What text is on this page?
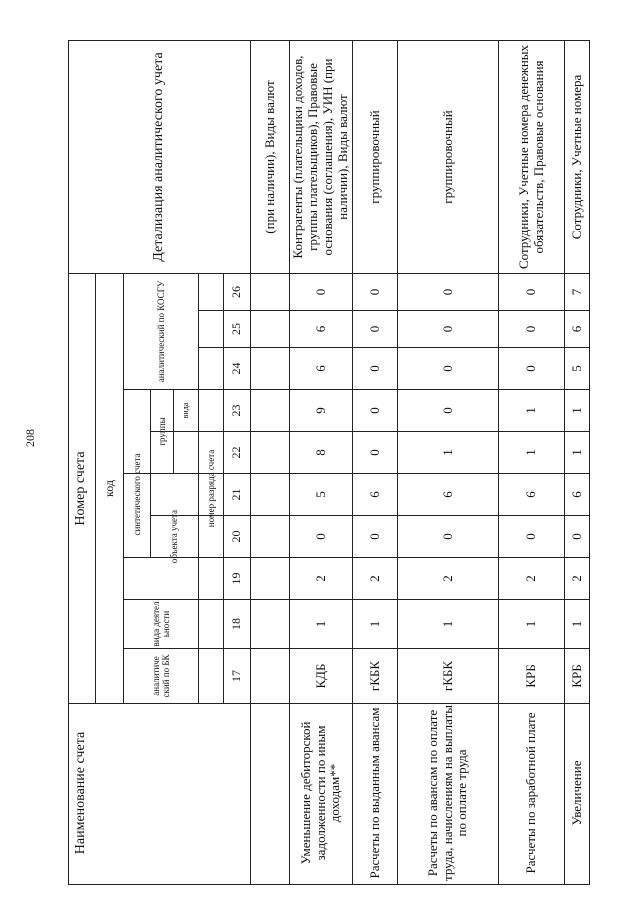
208
Наименование счета
Номер счета	код
аналитиче ский по БК
вида деятел ьности
синтетического счета
объекта учета
группы
вида
аналитический по КОСГУ
номер разряда счета
Детализация аналитического учета
17
18
19
20
21
22
23
24
25
26
(при наличии), Виды валют
Уменьшение дебиторской задолженности по иным доходам**
КДБ
1
2
0
5
8
9
6
6
0
Контрагенты (плательщики доходов, группы плательщиков), Правовые основания (соглашения), УИН (при наличии), Виды валют
Расчеты по выданным авансам
гКБК
1
2
0
6
0
0
0
0
0
группировочный
Расчеты по авансам по оплате труда, начислениям на выплаты по оплате труда
гКБК
1
2
0
6
1
0
0
0
0
группировочный
Расчеты по заработной плате
КРБ
1
2
0
6
1
1
0
0
0
Сотрудники, Учетные номера денежных обязательств, Правовые основания
Увеличение
КРБ
1
2
0
6
1
1
5
6
7
Сотрудники, Учетные номера
